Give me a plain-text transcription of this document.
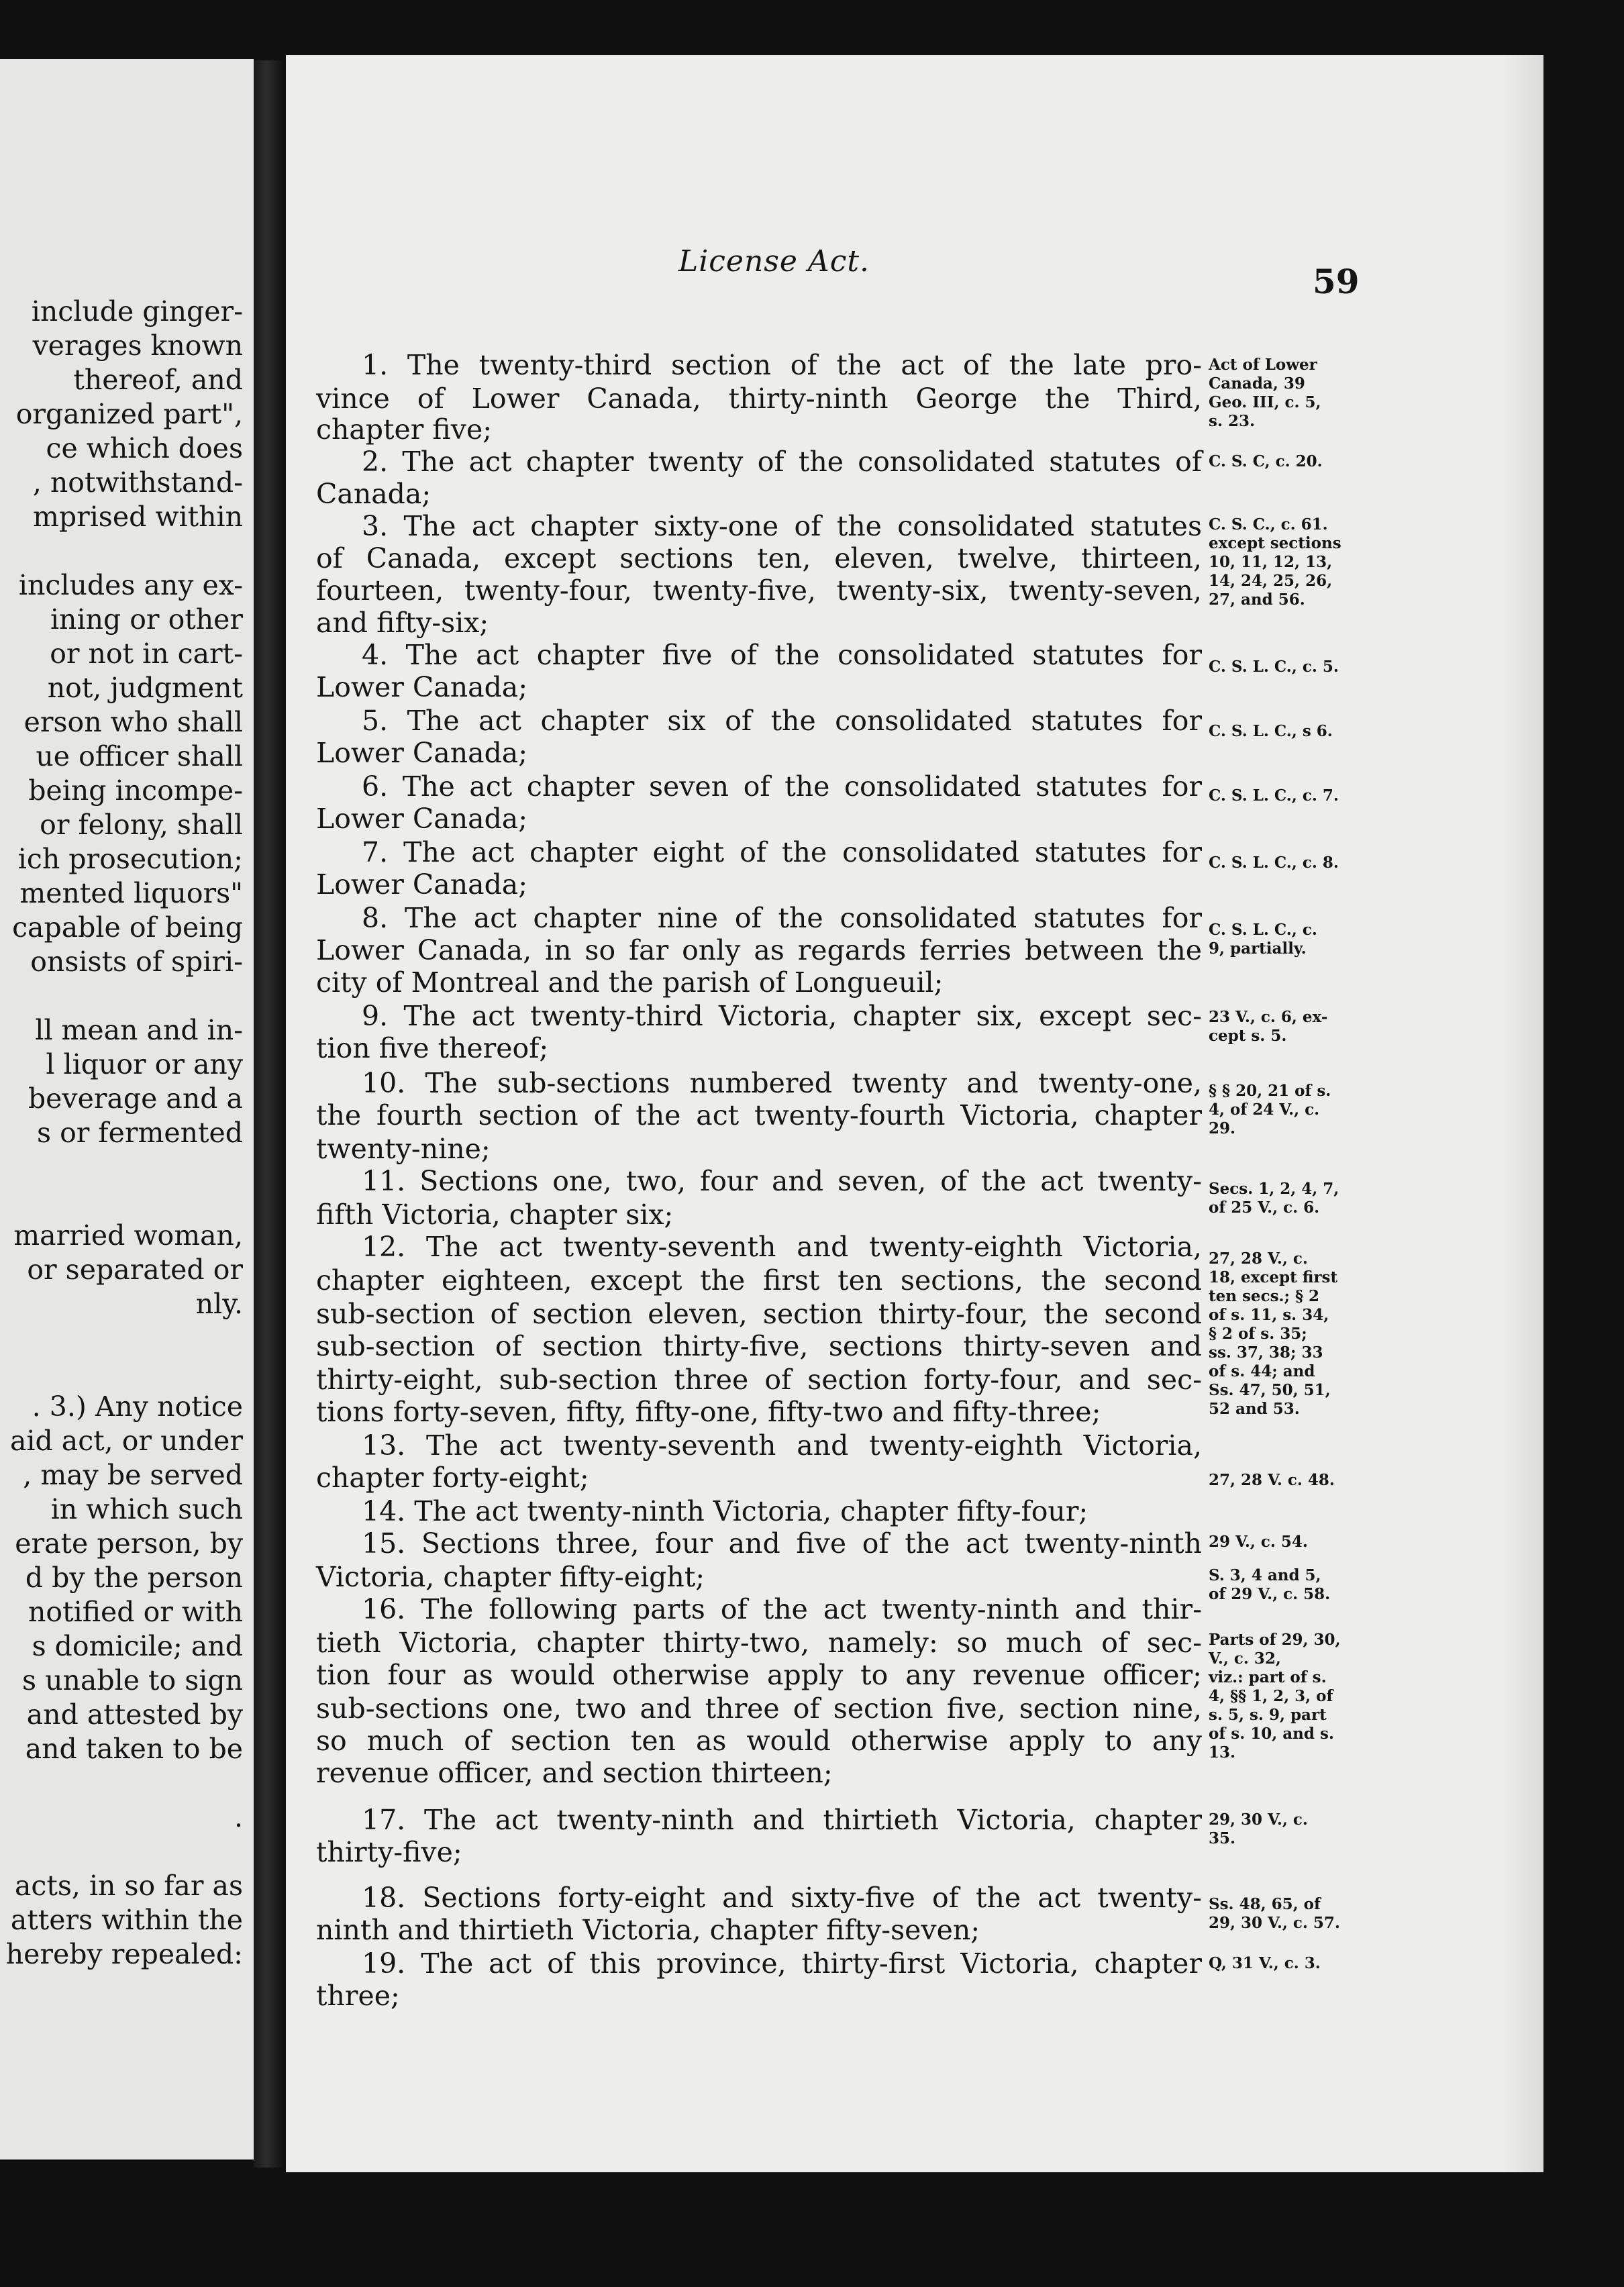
include ginger-
verages known
thereof, and
organized part",
ce which does
, notwithstand-
mprised within
includes any ex-
ining or other
or not in cart-
not, judgment
erson who shall
ue officer shall
being incompe-
or felony, shall
ich prosecution;
mented liquors"
capable of being
onsists of spiri-
ll mean and in-
l liquor or any
beverage and a
s or fermented
married woman,
or separated or
nly.
. 3.) Any notice
aid act, or under
, may be served
in which such
erate person, by
d by the person
notified or with
s domicile; and
s unable to sign
and attested by
and taken to be
.
acts, in so far as
atters within the
hereby repealed:
License Act.
59
1. The twenty-third section of the act of the late pro-
vince of Lower Canada, thirty-ninth George the Third,
chapter five;
2. The act chapter twenty of the consolidated statutes of
Canada;
3. The act chapter sixty-one of the consolidated statutes
of Canada, except sections ten, eleven, twelve, thirteen,
fourteen, twenty-four, twenty-five, twenty-six, twenty-seven,
and fifty-six;
4. The act chapter five of the consolidated statutes for
Lower Canada;
5. The act chapter six of the consolidated statutes for
Lower Canada;
6. The act chapter seven of the consolidated statutes for
Lower Canada;
7. The act chapter eight of the consolidated statutes for
Lower Canada;
8. The act chapter nine of the consolidated statutes for
Lower Canada, in so far only as regards ferries between the
city of Montreal and the parish of Longueuil;
9. The act twenty-third Victoria, chapter six, except sec-
tion five thereof;
10. The sub-sections numbered twenty and twenty-one,
the fourth section of the act twenty-fourth Victoria, chapter
twenty-nine;
11. Sections one, two, four and seven, of the act twenty-
fifth Victoria, chapter six;
12. The act twenty-seventh and twenty-eighth Victoria,
chapter eighteen, except the first ten sections, the second
sub-section of section eleven, section thirty-four, the second
sub-section of section thirty-five, sections thirty-seven and
thirty-eight, sub-section three of section forty-four, and sec-
tions forty-seven, fifty, fifty-one, fifty-two and fifty-three;
13. The act twenty-seventh and twenty-eighth Victoria,
chapter forty-eight;
14. The act twenty-ninth Victoria, chapter fifty-four;
15. Sections three, four and five of the act twenty-ninth
Victoria, chapter fifty-eight;
16. The following parts of the act twenty-ninth and thir-
tieth Victoria, chapter thirty-two, namely: so much of sec-
tion four as would otherwise apply to any revenue officer;
sub-sections one, two and three of section five, section nine,
so much of section ten as would otherwise apply to any
revenue officer, and section thirteen;
17. The act twenty-ninth and thirtieth Victoria, chapter
thirty-five;
18. Sections forty-eight and sixty-five of the act twenty-
ninth and thirtieth Victoria, chapter fifty-seven;
19. The act of this province, thirty-first Victoria, chapter
three;
Act of Lower
Canada, 39
Geo. III, c. 5,
s. 23.
C. S. C, c. 20.
C. S. C., c. 61.
except sections
10, 11, 12, 13,
14, 24, 25, 26,
27, and 56.
C. S. L. C., c. 5.
C. S. L. C., s 6.
C. S. L. C., c. 7.
C. S. L. C., c. 8.
C. S. L. C., c.
9, partially.
23 V., c. 6, ex-
cept s. 5.
§ § 20, 21 of s.
4, of 24 V., c.
29.
Secs. 1, 2, 4, 7,
of 25 V., c. 6.
27, 28 V., c.
18, except first
ten secs.; § 2
of s. 11, s. 34,
§ 2 of s. 35;
ss. 37, 38; 33
of s. 44; and
Ss. 47, 50, 51,
52 and 53.
27, 28 V. c. 48.
29 V., c. 54.
S. 3, 4 and 5,
of 29 V., c. 58.
Parts of 29, 30,
V., c. 32,
viz.: part of s.
4, §§ 1, 2, 3, of
s. 5, s. 9, part
of s. 10, and s.
13.
29, 30 V., c.
35.
Ss. 48, 65, of
29, 30 V., c. 57.
Q, 31 V., c. 3.
